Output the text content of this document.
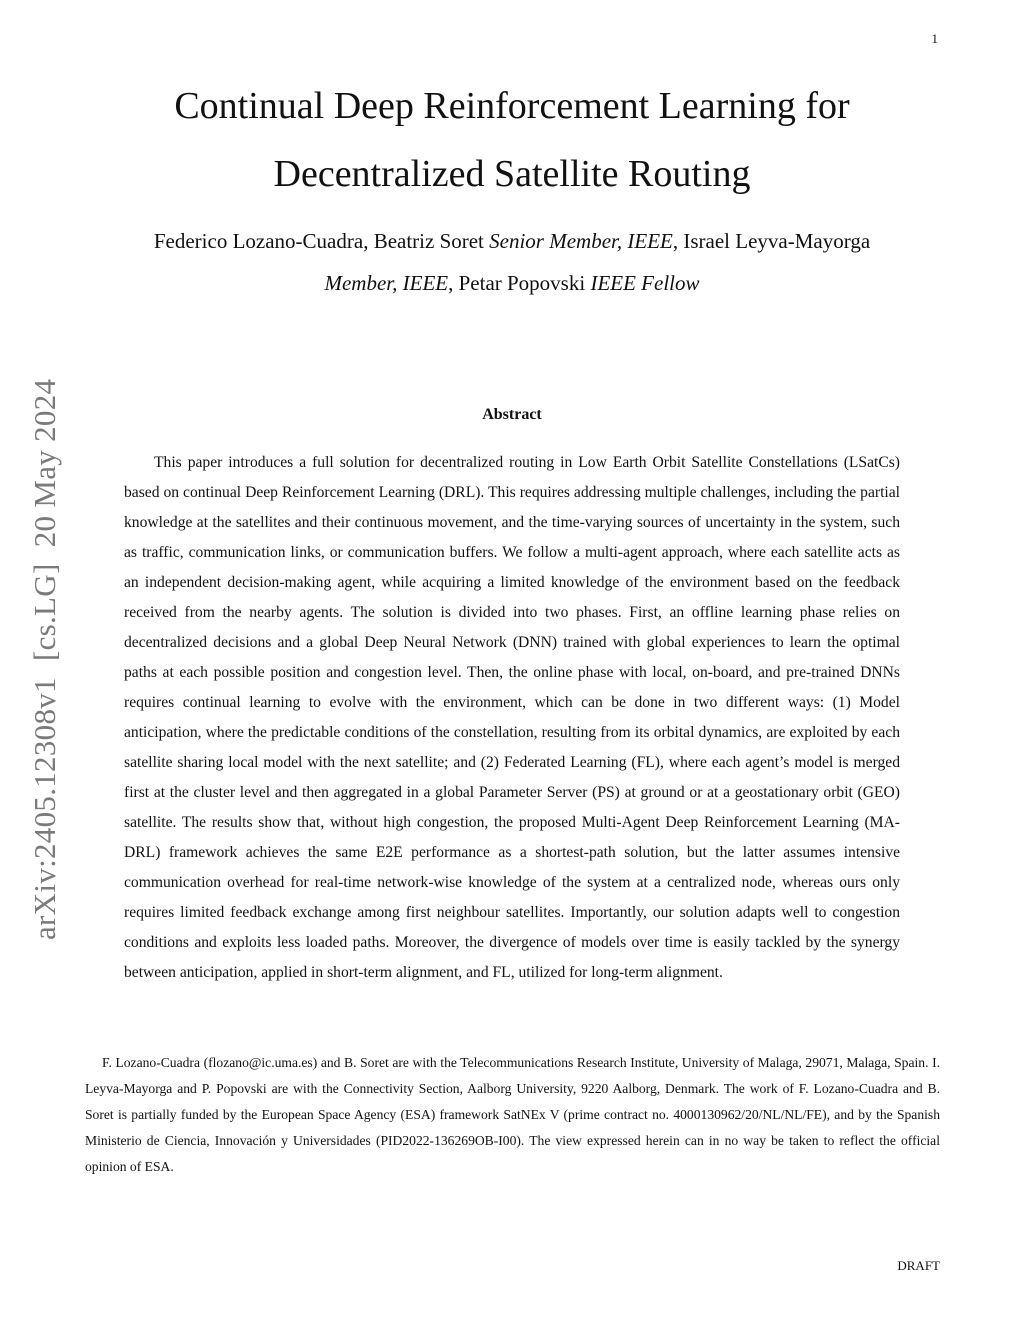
1
Continual Deep Reinforcement Learning for Decentralized Satellite Routing
Federico Lozano-Cuadra, Beatriz Soret Senior Member, IEEE, Israel Leyva-Mayorga Member, IEEE, Petar Popovski IEEE Fellow
arXiv:2405.12308v1  [cs.LG]  20 May 2024	Abstract

This paper introduces a full solution for decentralized routing in Low Earth Orbit Satellite Constellations (LSatCs) based on continual Deep Reinforcement Learning (DRL). This requires addressing multiple challenges, including the partial knowledge at the satellites and their continuous movement, and the time-varying sources of uncertainty in the system, such as traffic, communication links, or communication buffers. We follow a multi-agent approach, where each satellite acts as an independent decision-making agent, while acquiring a limited knowledge of the environment based on the feedback received from the nearby agents. The solution is divided into two phases. First, an offline learning phase relies on decentralized decisions and a global Deep Neural Network (DNN) trained with global experiences to learn the optimal paths at each possible position and congestion level. Then, the online phase with local, on-board, and pre-trained DNNs requires continual learning to evolve with the environment, which can be done in two different ways: (1) Model anticipation, where the predictable conditions of the constellation, resulting from its orbital dynamics, are exploited by each satellite sharing local model with the next satellite; and (2) Federated Learning (FL), where each agent’s model is merged first at the cluster level and then aggregated in a global Parameter Server (PS) at ground or at a geostationary orbit (GEO) satellite. The results show that, without high congestion, the proposed Multi-Agent Deep Reinforcement Learning (MA-DRL) framework achieves the same E2E performance as a shortest-path solution, but the latter assumes intensive communication overhead for real-time network-wise knowledge of the system at a centralized node, whereas ours only requires limited feedback exchange among first neighbour satellites. Importantly, our solution adapts well to congestion conditions and exploits less loaded paths. Moreover, the divergence of models over time is easily tackled by the synergy between anticipation, applied in short-term alignment, and FL, utilized for long-term alignment.

F. Lozano-Cuadra (flozano@ic.uma.es) and B. Soret are with the Telecommunications Research Institute, University of Malaga, 29071, Malaga, Spain. I. Leyva-Mayorga and P. Popovski are with the Connectivity Section, Aalborg University, 9220 Aalborg, Denmark. The work of F. Lozano-Cuadra and B. Soret is partially funded by the European Space Agency (ESA) framework SatNEx V (prime contract no. 4000130962/20/NL/NL/FE), and by the Spanish Ministerio de Ciencia, Innovación y Universidades (PID2022-136269OB-I00). The view expressed herein can in no way be taken to reflect the official opinion of ESA.

DRAFT
